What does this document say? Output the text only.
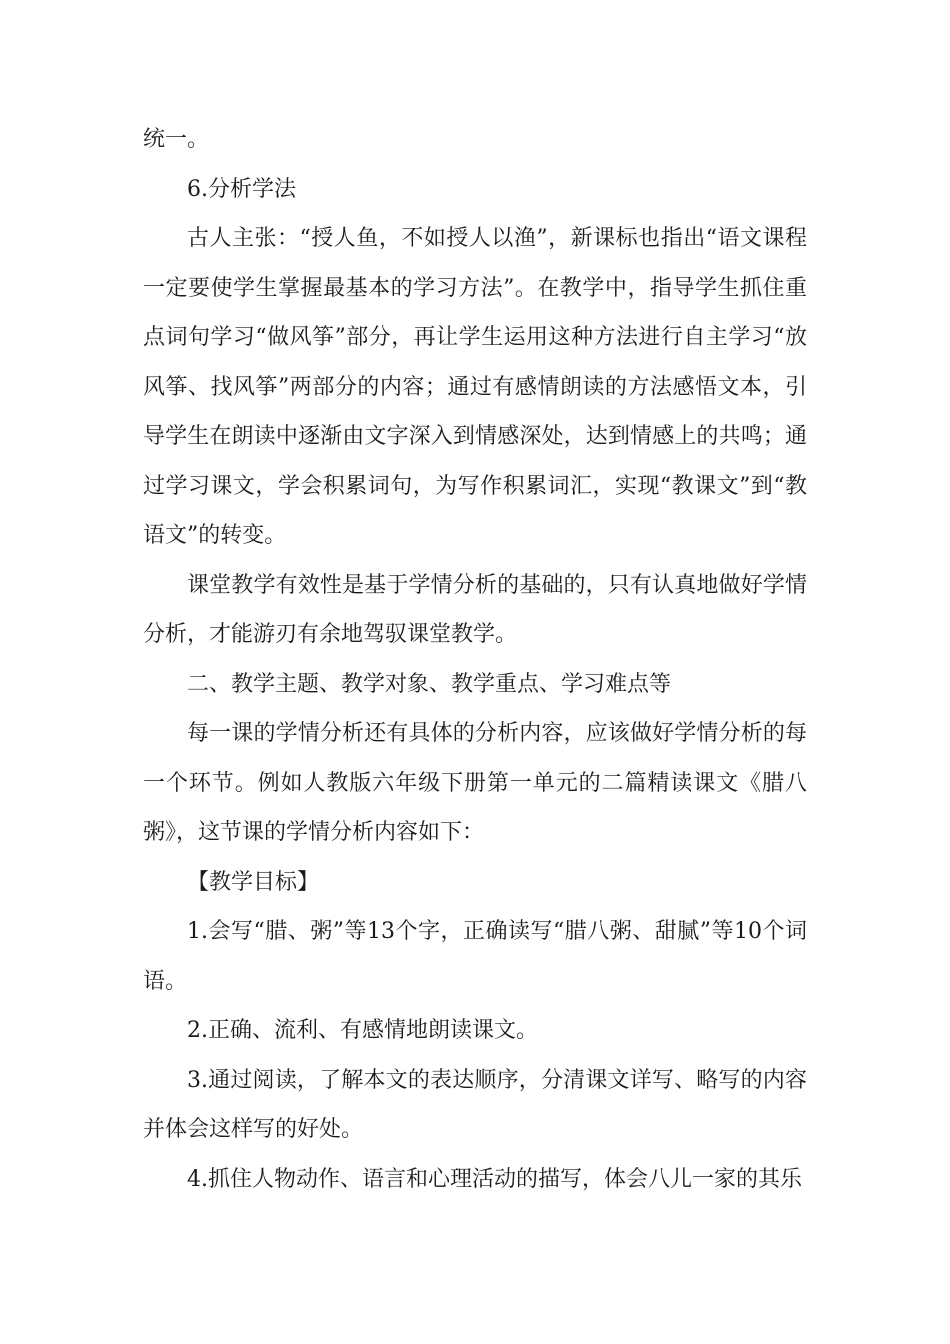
统一。

6.分析学法

古人主张：“授人鱼，不如授人以渔”，新课标也指出“语文课程一定要使学生掌握最基本的学习方法”。在教学中，指导学生抓住重点词句学习“做风筝”部分，再让学生运用这种方法进行自主学习“放风筝、找风筝”两部分的内容；通过有感情朗读的方法感悟文本，引导学生在朗读中逐渐由文字深入到情感深处，达到情感上的共鸣；通过学习课文，学会积累词句，为写作积累词汇，实现“教课文”到“教语文”的转变。

课堂教学有效性是基于学情分析的基础的，只有认真地做好学情分析，才能游刃有余地驾驭课堂教学。

二、教学主题、教学对象、教学重点、学习难点等

每一课的学情分析还有具体的分析内容，应该做好学情分析的每一个环节。例如人教版六年级下册第一单元的二篇精读课文《腊八粥》，这节课的学情分析内容如下：

【教学目标】

1.会写“腊、粥”等13个字，正确读写“腊八粥、甜腻”等10个词语。

2.正确、流利、有感情地朗读课文。

3.通过阅读，了解本文的表达顺序，分清课文详写、略写的内容并体会这样写的好处。

4.抓住人物动作、语言和心理活动的描写，体会八儿一家的其乐
